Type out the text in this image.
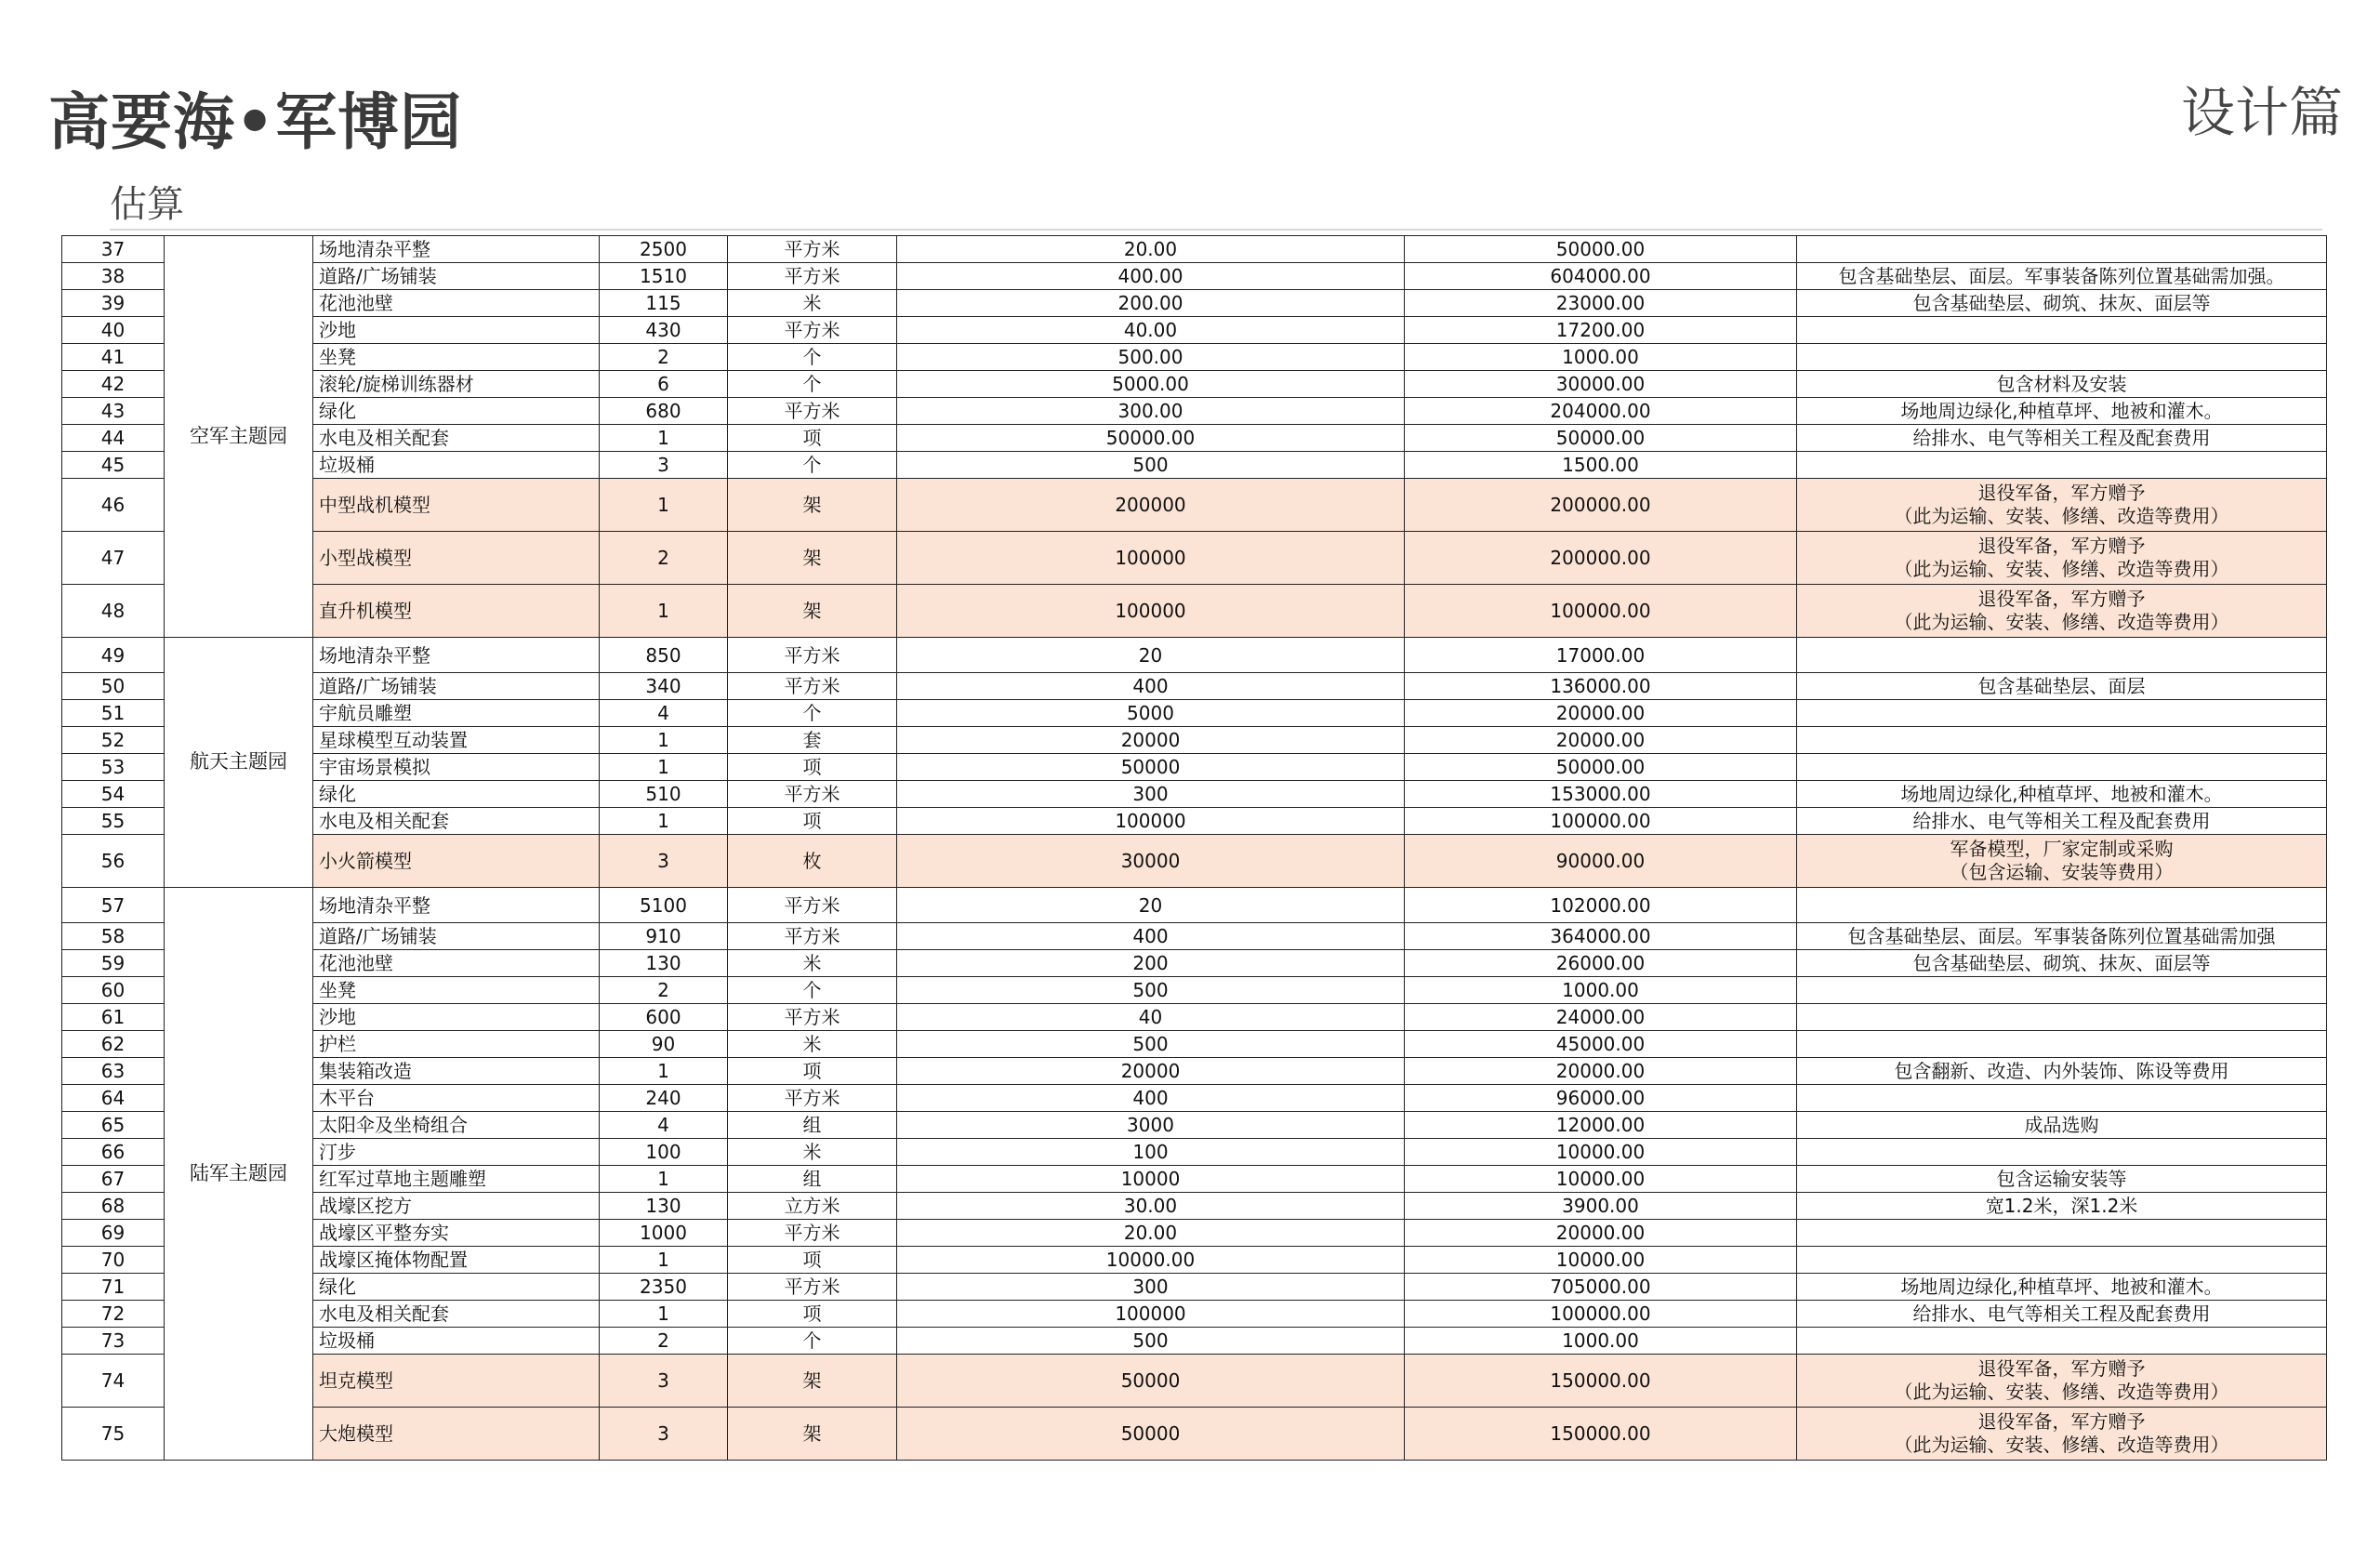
高要海•军博园	设计篇
估算
37	空军主题园	场地清杂平整	2500	平方米	20.00	50000.00	

38		道路/广场铺装	1510	平方米	400.00	604000.00	包含基础垫层、面层。军事装备陈列位置基础需加强。

39		花池池壁	115	米	200.00	23000.00	包含基础垫层、砌筑、抹灰、面层等

40		沙地	430	平方米	40.00	17200.00	

41		坐凳	2	个	500.00	1000.00	

42		滚轮/旋梯训练器材	6	个	5000.00	30000.00	包含材料及安装

43		绿化	680	平方米	300.00	204000.00	场地周边绿化,种植草坪、地被和灌木。

44		水电及相关配套	1	项	50000.00	50000.00	给排水、电气等相关工程及配套费用

45		垃圾桶	3	个	500	1500.00	

46		中型战机模型	1	架	200000	200000.00	退役军备，军方赠予
（此为运输、安装、修缮、改造等费用）

47		小型战模型	2	架	100000	200000.00	退役军备，军方赠予
（此为运输、安装、修缮、改造等费用）

48		直升机模型	1	架	100000	100000.00	退役军备，军方赠予
（此为运输、安装、修缮、改造等费用）

49	航天主题园	场地清杂平整	850	平方米	20	17000.00	

50		道路/广场铺装	340	平方米	400	136000.00	包含基础垫层、面层

51		宇航员雕塑	4	个	5000	20000.00	

52		星球模型互动装置	1	套	20000	20000.00	

53		宇宙场景模拟	1	项	50000	50000.00	

54		绿化	510	平方米	300	153000.00	场地周边绿化,种植草坪、地被和灌木。

55		水电及相关配套	1	项	100000	100000.00	给排水、电气等相关工程及配套费用

56		小火箭模型	3	枚	30000	90000.00	军备模型，厂家定制或采购
（包含运输、安装等费用）

57	陆军主题园	场地清杂平整	5100	平方米	20	102000.00	

58		道路/广场铺装	910	平方米	400	364000.00	包含基础垫层、面层。军事装备陈列位置基础需加强

59		花池池壁	130	米	200	26000.00	包含基础垫层、砌筑、抹灰、面层等

60		坐凳	2	个	500	1000.00	

61		沙地	600	平方米	40	24000.00	

62		护栏	90	米	500	45000.00	

63		集装箱改造	1	项	20000	20000.00	包含翻新、改造、内外装饰、陈设等费用

64		木平台	240	平方米	400	96000.00	

65		太阳伞及坐椅组合	4	组	3000	12000.00	成品选购

66		汀步	100	米	100	10000.00	

67		红军过草地主题雕塑	1	组	10000	10000.00	包含运输安装等

68		战壕区挖方	130	立方米	30.00	3900.00	宽1.2米，深1.2米

69		战壕区平整夯实	1000	平方米	20.00	20000.00	

70		战壕区掩体物配置	1	项	10000.00	10000.00	

71		绿化	2350	平方米	300	705000.00	场地周边绿化,种植草坪、地被和灌木。

72		水电及相关配套	1	项	100000	100000.00	给排水、电气等相关工程及配套费用

73		垃圾桶	2	个	500	1000.00	

74		坦克模型	3	架	50000	150000.00	退役军备，军方赠予
（此为运输、安装、修缮、改造等费用）

75		大炮模型	3	架	50000	150000.00	退役军备，军方赠予
（此为运输、安装、修缮、改造等费用）
